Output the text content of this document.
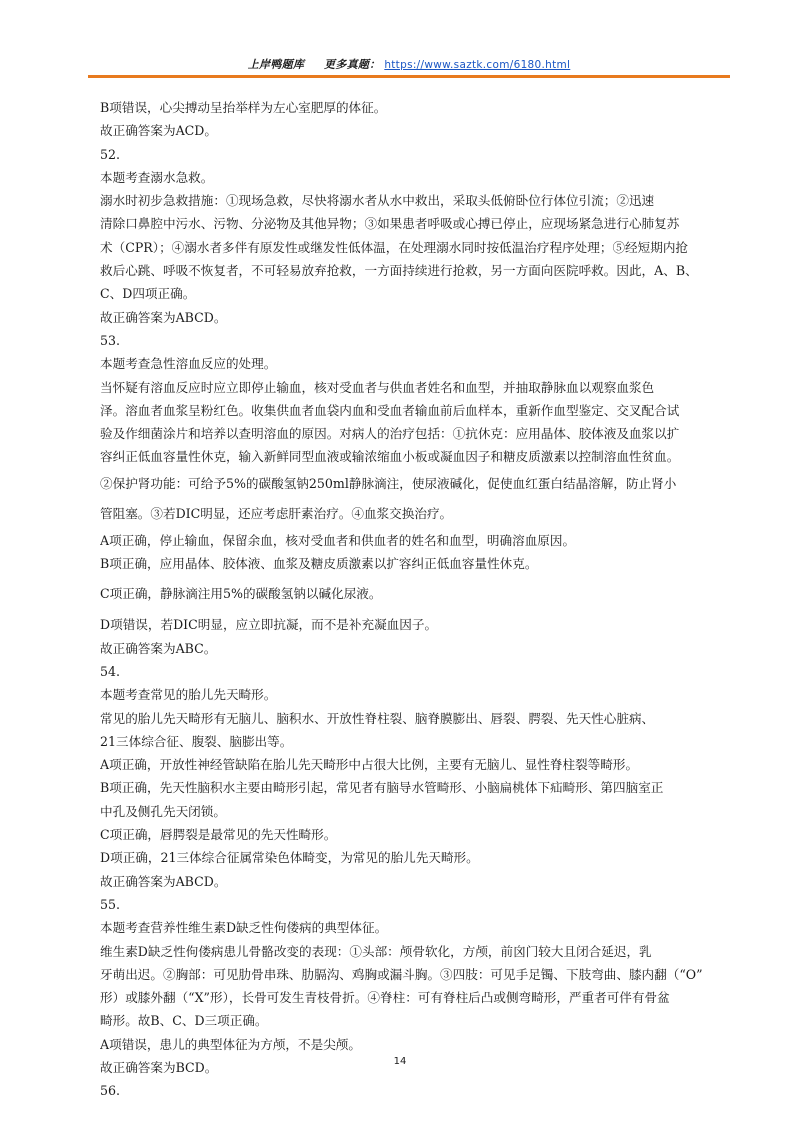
上岸鸭题库 更多真题： https://www.saztk.com/6180.html
B项错误，心尖搏动呈抬举样为左心室肥厚的体征。
故正确答案为ACD。
52.
本题考查溺水急救。
溺水时初步急救措施：①现场急救，尽快将溺水者从水中救出，采取头低俯卧位行体位引流；②迅速
清除口鼻腔中污水、污物、分泌物及其他异物；③如果患者呼吸或心搏已停止，应现场紧急进行心肺复苏
术（CPR）；④溺水者多伴有原发性或继发性低体温，在处理溺水同时按低温治疗程序处理；⑤经短期内抢
救后心跳、呼吸不恢复者，不可轻易放弃抢救，一方面持续进行抢救，另一方面向医院呼救。因此，A、B、
C、D四项正确。
故正确答案为ABCD。
53.
本题考查急性溶血反应的处理。
当怀疑有溶血反应时应立即停止输血，核对受血者与供血者姓名和血型，并抽取静脉血以观察血浆色
泽。溶血者血浆呈粉红色。收集供血者血袋内血和受血者输血前后血样本，重新作血型鉴定、交叉配合试
验及作细菌涂片和培养以查明溶血的原因。对病人的治疗包括：①抗休克：应用晶体、胶体液及血浆以扩
容纠正低血容量性休克，输入新鲜同型血液或输浓缩血小板或凝血因子和糖皮质激素以控制溶血性贫血。
②保护肾功能：可给予5%的碳酸氢钠250ml静脉滴注，使尿液碱化，促使血红蛋白结晶溶解，防止肾小
管阻塞。③若DIC明显，还应考虑肝素治疗。④血浆交换治疗。
A项正确，停止输血，保留余血，核对受血者和供血者的姓名和血型，明确溶血原因。
B项正确，应用晶体、胶体液、血浆及糖皮质激素以扩容纠正低血容量性休克。
C项正确，静脉滴注用5%的碳酸氢钠以碱化尿液。
D项错误，若DIC明显，应立即抗凝，而不是补充凝血因子。
故正确答案为ABC。
54.
本题考查常见的胎儿先天畸形。
常见的胎儿先天畸形有无脑儿、脑积水、开放性脊柱裂、脑脊膜膨出、唇裂、腭裂、先天性心脏病、
21三体综合征、腹裂、脑膨出等。
A项正确，开放性神经管缺陷在胎儿先天畸形中占很大比例，主要有无脑儿、显性脊柱裂等畸形。
B项正确，先天性脑积水主要由畸形引起，常见者有脑导水管畸形、小脑扁桃体下疝畸形、第四脑室正
中孔及侧孔先天闭锁。
C项正确，唇腭裂是最常见的先天性畸形。
D项正确，21三体综合征属常染色体畸变，为常见的胎儿先天畸形。
故正确答案为ABCD。
55.
本题考查营养性维生素D缺乏性佝偻病的典型体征。
维生素D缺乏性佝偻病患儿骨骼改变的表现：①头部：颅骨软化，方颅，前囟门较大且闭合延迟，乳
牙萌出迟。②胸部：可见肋骨串珠、肋膈沟、鸡胸或漏斗胸。③四肢：可见手足镯、下肢弯曲、膝内翻（“O”
形）或膝外翻（“X”形），长骨可发生青枝骨折。④脊柱：可有脊柱后凸或侧弯畸形，严重者可伴有骨盆
畸形。故B、C、D三项正确。
A项错误，患儿的典型体征为方颅，不是尖颅。
故正确答案为BCD。
56.
14
